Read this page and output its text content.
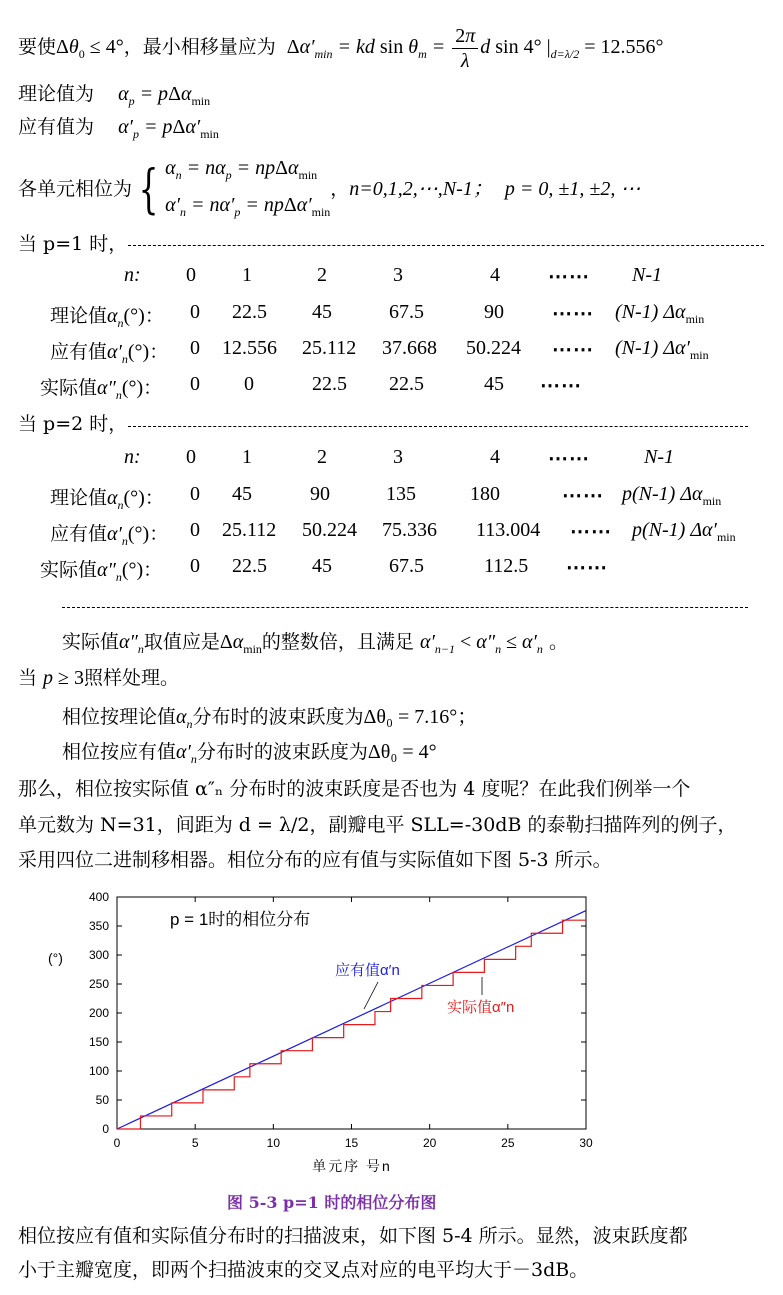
要使$\Delta\theta_0 \le 4^\circ$，最小相移量应为 $\Delta\alpha'_{min}$ = kd $\sin \theta_m = \frac{2\pi}{\lambda}$ d sin 4° $|_{d=\lambda/2} = 12.556^\circ$
理论值为 $\alpha_p = p\Delta\alpha_{min}$
应有值为 $\alpha'_p = p\Delta\alpha'_{min}$
各单元相位为 { $\alpha_n = n\alpha_p = np\Delta\alpha_{min}$
$\alpha'_n = n\alpha'_p = np\Delta\alpha'_{min}$
，n=0,1,2,⋯,N-1； p = 0, ±1, ±2, ⋯
当 p=1 时，
n: 0 1	2	3	4 ⋯⋯ N-1
理论值$\alpha_n(^\circ)$： 0 22.5 45	67.5	90 ⋯⋯ (N-1) $\Delta\alpha_{min}$
应有值$\alpha'_n(^\circ)$： 0 12.556 25.112 37.668 50.224 ⋯⋯ (N-1) $\Delta\alpha'_{min}$
实际值$\alpha''_n(^\circ)$： 0 0	22.5 22.5	45 ⋯⋯
当 p=2 时，
n: 0 1	2	3	4 ⋯⋯	N-1
理论值$\alpha_n(^\circ)$： 0 45	90	135	180	⋯⋯ p(N-1) $\Delta\alpha_{min}$
应有值$\alpha'_n(^\circ)$： 0 25.112 50.224 75.336 113.004 ⋯⋯ p(N-1) $\Delta\alpha'_{min}$
实际值$\alpha''_n(^\circ)$： 0 22.5 45	67.5	112.5 ⋯⋯
实际值$\alpha''_n$取值应是$\Delta\alpha_{min}$的整数倍，且满足 $\alpha'_{n-1} < \alpha''_n \le \alpha'_n$ 。
当 p ≥ 3照样处理。
相位按理论值$\alpha_n$分布时的波束跃度为Δθ₀ = 7.16°；
相位按应有值$\alpha'_n$分布时的波束跃度为Δθ₀ = 4°
那么，相位按实际值 α″ₙ 分布时的波束跃度是否也为 4 度呢？在此我们例举一个
单元数为 N=31，间距为 d = λ/2，副瓣电平 SLL=-30dB 的泰勒扫描阵列的例子，
采用四位二进制移相器。相位分布的应有值与实际值如下图 5-3 所示。
0
50
100
150
200
250
300
350
400
0	5	10	15	20	25	30
p = 1时的相位分布
(°)
单元序 号n
应有值α′n
实际值α″n
图 5-3 p=1 时的相位分布图
相位按应有值和实际值分布时的扫描波束，如下图 5-4 所示。显然，波束跃度都
小于主瓣宽度，即两个扫描波束的交叉点对应的电平均大于－3dB。
